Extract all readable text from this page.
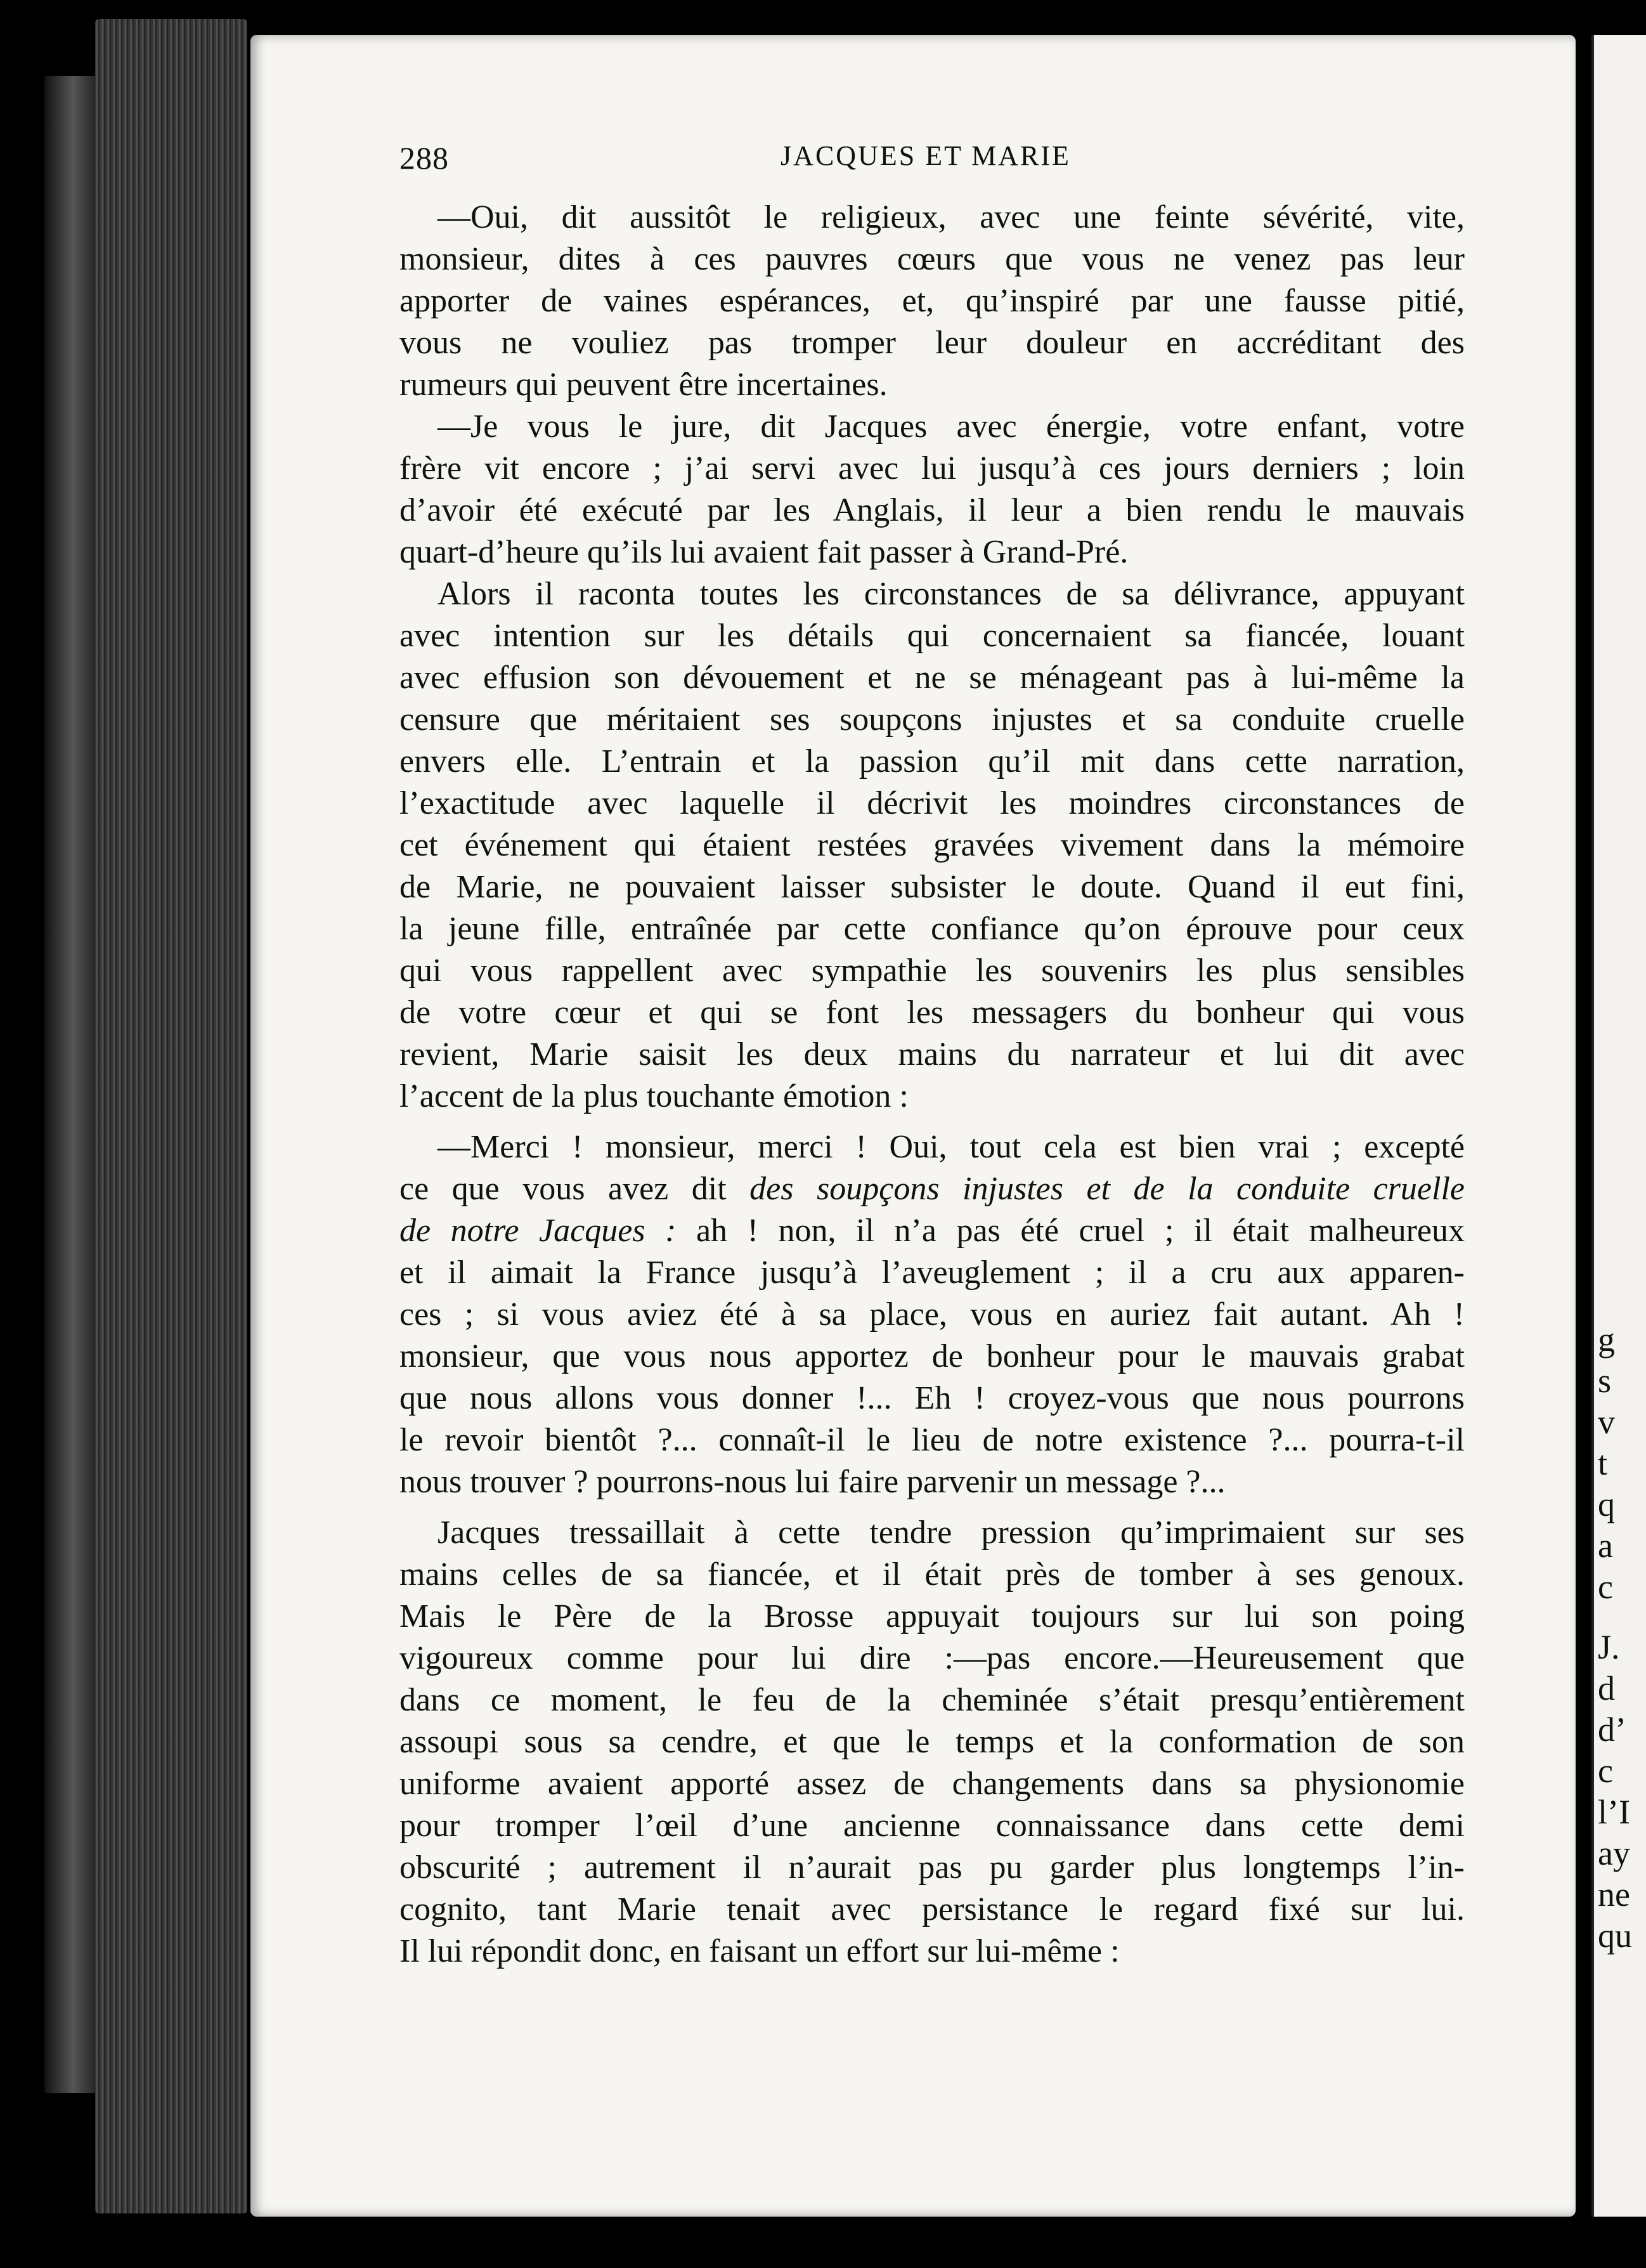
288	JACQUES ET MARIE
—Oui, dit aussitôt le religieux, avec une feinte sévérité, vite,
monsieur, dites à ces pauvres cœurs que vous ne venez pas leur
apporter de vaines espérances, et, qu’inspiré par une fausse pitié,
vous ne vouliez pas tromper leur douleur en accréditant des
rumeurs qui peuvent être incertaines.
—Je vous le jure, dit Jacques avec énergie, votre enfant, votre
frère vit encore ; j’ai servi avec lui jusqu’à ces jours derniers ; loin
d’avoir été exécuté par les Anglais, il leur a bien rendu le mauvais
quart-d’heure qu’ils lui avaient fait passer à Grand-Pré.
Alors il raconta toutes les circonstances de sa délivrance, appuyant
avec intention sur les détails qui concernaient sa fiancée, louant
avec effusion son dévouement et ne se ménageant pas à lui-même la
censure que méritaient ses soupçons injustes et sa conduite cruelle
envers elle. L’entrain et la passion qu’il mit dans cette narration,
l’exactitude avec laquelle il décrivit les moindres circonstances de
cet événement qui étaient restées gravées vivement dans la mémoire
de Marie, ne pouvaient laisser subsister le doute. Quand il eut fini,
la jeune fille, entraînée par cette confiance qu’on éprouve pour ceux
qui vous rappellent avec sympathie les souvenirs les plus sensibles
de votre cœur et qui se font les messagers du bonheur qui vous
revient, Marie saisit les deux mains du narrateur et lui dit avec
l’accent de la plus touchante émotion :
—Merci ! monsieur, merci ! Oui, tout cela est bien vrai ; excepté
ce que vous avez dit des soupçons injustes et de la conduite cruelle
de notre Jacques : ah ! non, il n’a pas été cruel ; il était malheureux
et il aimait la France jusqu’à l’aveuglement ; il a cru aux apparen-
ces ; si vous aviez été à sa place, vous en auriez fait autant. Ah !
monsieur, que vous nous apportez de bonheur pour le mauvais grabat
que nous allons vous donner !... Eh ! croyez-vous que nous pourrons
le revoir bientôt ?... connaît-il le lieu de notre existence ?... pourra-t-il
nous trouver ? pourrons-nous lui faire parvenir un message ?...
Jacques tressaillait à cette tendre pression qu’imprimaient sur ses
mains celles de sa fiancée, et il était près de tomber à ses genoux.
Mais le Père de la Brosse appuyait toujours sur lui son poing
vigoureux comme pour lui dire :—pas encore.—Heureusement que
dans ce moment, le feu de la cheminée s’était presqu’entièrement
assoupi sous sa cendre, et que le temps et la conformation de son
uniforme avaient apporté assez de changements dans sa physionomie
pour tromper l’œil d’une ancienne connaissance dans cette demi
obscurité ; autrement il n’aurait pas pu garder plus longtemps l’in-
cognito, tant Marie tenait avec persistance le regard fixé sur lui.
Il lui répondit donc, en faisant un effort sur lui-même :
g
s
v
t
q
a
c
J.
d
d’
c
l’I
ay
ne
qu
